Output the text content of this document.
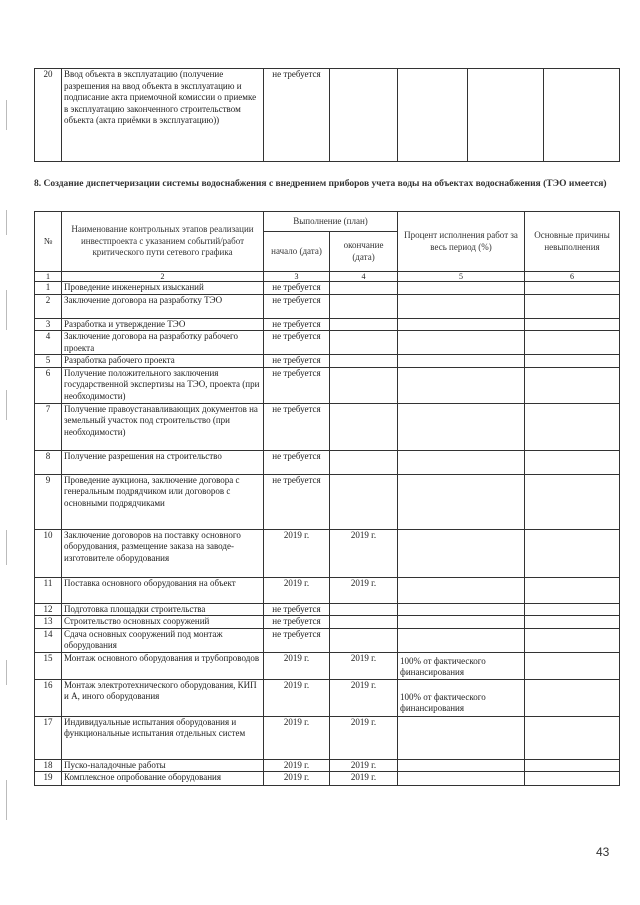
20	Ввод объекта в эксплуатацию (получение разрешения на ввод объекта в эксплуатацию и подписание акта приемочной комиссии о приемке в эксплуатацию законченного строительством объекта (акта приёмки в эксплуатацию))	не требуется				
8. Создание диспетчеризации системы водоснабжения с внедрением приборов учета воды на объектах водоснабжения (ТЭО имеется)
№	Наименование контрольных этапов реализации инвестпроекта с указанием событий/работ критического пути сетевого графика	Выполнение (план)		Процент исполнения работ за весь период (%)	Основные причины невыполнения
		начало (дата)	окончание (дата)		
1	2	3	4	5	6
1	Проведение инженерных изысканий	не требуется			
2	Заключение договора на разработку ТЭО	не требуется			
3	Разработка и утверждение ТЭО	не требуется			
4	Заключение договора на разработку рабочего проекта	не требуется			
5	Разработка рабочего проекта	не требуется			
6	Получение положительного заключения государственной экспертизы на ТЭО, проекта (при необходимости)	не требуется			
7	Получение правоустанавливающих документов на земельный участок под строительство (при необходимости)	не требуется			
8	Получение разрешения на строительство	не требуется			
9	Проведение аукциона, заключение договора с генеральным подрядчиком или договоров с основными подрядчиками	не требуется			
10	Заключение договоров на поставку основного оборудования, размещение заказа на заводе-изготовителе оборудования	2019 г.	2019 г.		
11	Поставка основного оборудования на объект	2019 г.	2019 г.		
12	Подготовка площадки строительства	не требуется			
13	Строительство основных сооружений	не требуется			
14	Сдача основных сооружений под монтаж оборудования	не требуется			
15	Монтаж основного оборудования и трубопроводов	2019 г.	2019 г.	100% от фактического финансирования	
16	Монтаж электротехнического оборудования, КИП и А, иного оборудования	2019 г.	2019 г.	100% от фактического финансирования	
17	Индивидуальные испытания оборудования и функциональные испытания отдельных систем	2019 г.	2019 г.		
18	Пуско-наладочные работы	2019 г.	2019 г.		
19	Комплексное опробование оборудования	2019 г.	2019 г.		
43
